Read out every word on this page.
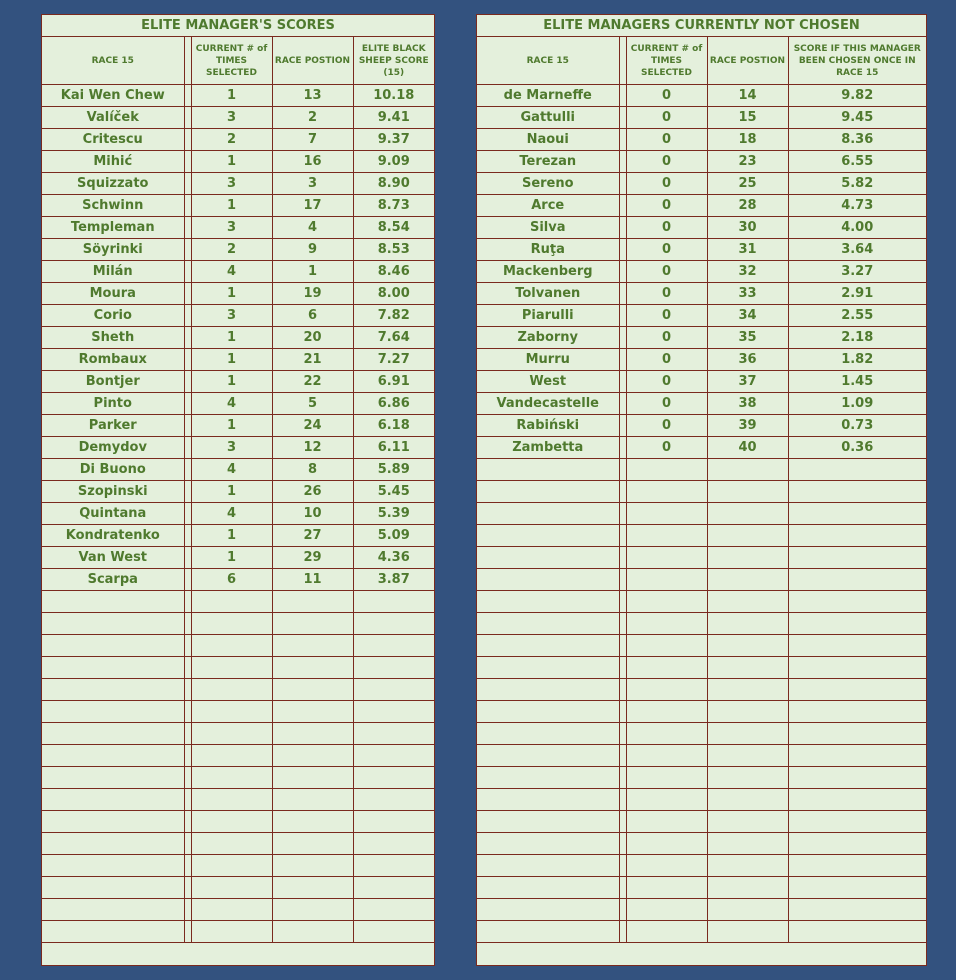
ELITE MANAGER'S SCORES
RACE 15		CURRENT # of TIMES SELECTED	RACE POSTION	ELITE BLACK SHEEP SCORE (15)
Kai Wen Chew		1	13	10.18
Valíček		3	2	9.41
Critescu		2	7	9.37
Mihić		1	16	9.09
Squizzato		3	3	8.90
Schwinn		1	17	8.73
Templeman		3	4	8.54
Söyrinki		2	9	8.53
Milán		4	1	8.46
Moura		1	19	8.00
Corio		3	6	7.82
Sheth		1	20	7.64
Rombaux		1	21	7.27
Bontjer		1	22	6.91
Pinto		4	5	6.86
Parker		1	24	6.18
Demydov		3	12	6.11
Di Buono		4	8	5.89
Szopinski		1	26	5.45
Quintana		4	10	5.39
Kondratenko		1	27	5.09
Van West		1	29	4.36
Scarpa		6	11	3.87

ELITE MANAGERS CURRENTLY NOT CHOSEN
RACE 15		CURRENT # of TIMES SELECTED	RACE POSTION	SCORE IF THIS MANAGER BEEN CHOSEN ONCE IN RACE 15
de Marneffe		0	14	9.82
Gattulli		0	15	9.45
Naoui		0	18	8.36
Terezan		0	23	6.55
Sereno		0	25	5.82
Arce		0	28	4.73
Silva		0	30	4.00
Ruţa		0	31	3.64
Mackenberg		0	32	3.27
Tolvanen		0	33	2.91
Piarulli		0	34	2.55
Zaborny		0	35	2.18
Murru		0	36	1.82
West		0	37	1.45
Vandecastelle		0	38	1.09
Rabiński		0	39	0.73
Zambetta		0	40	0.36
